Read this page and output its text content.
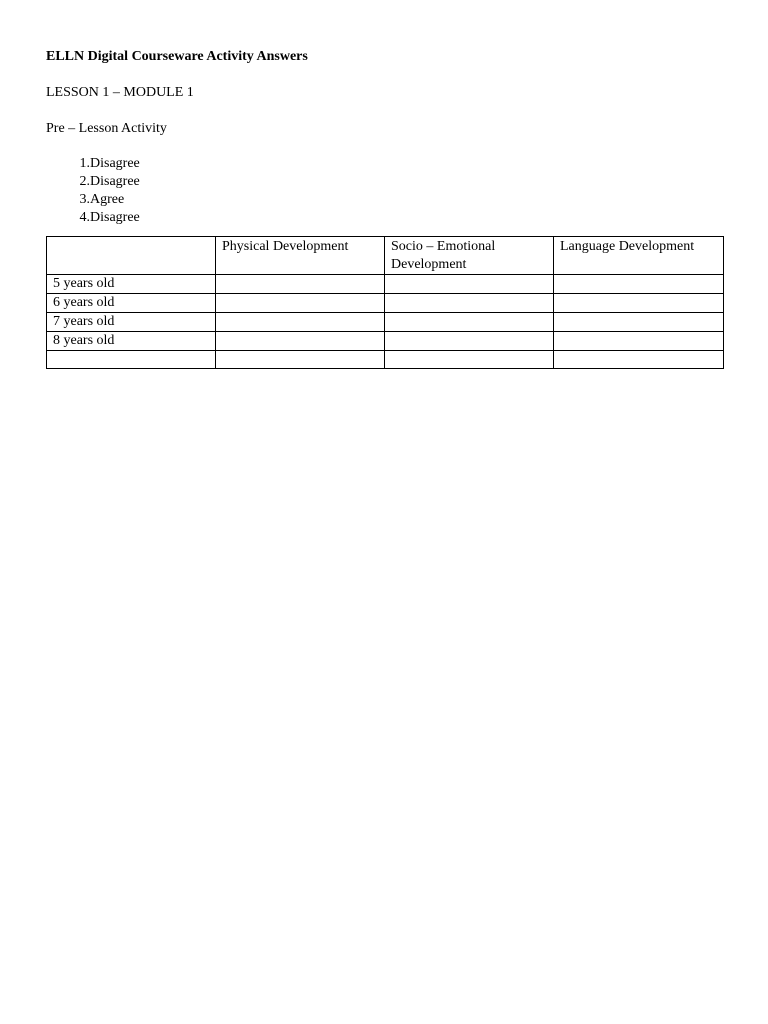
ELLN Digital Courseware Activity Answers

LESSON 1 – MODULE 1

Pre – Lesson Activity

1. Disagree
2. Disagree
3. Agree
4. Disagree
	Physical Development	Socio – Emotional Development	Language Development
5 years old			
6 years old			
7 years old			
8 years old			
